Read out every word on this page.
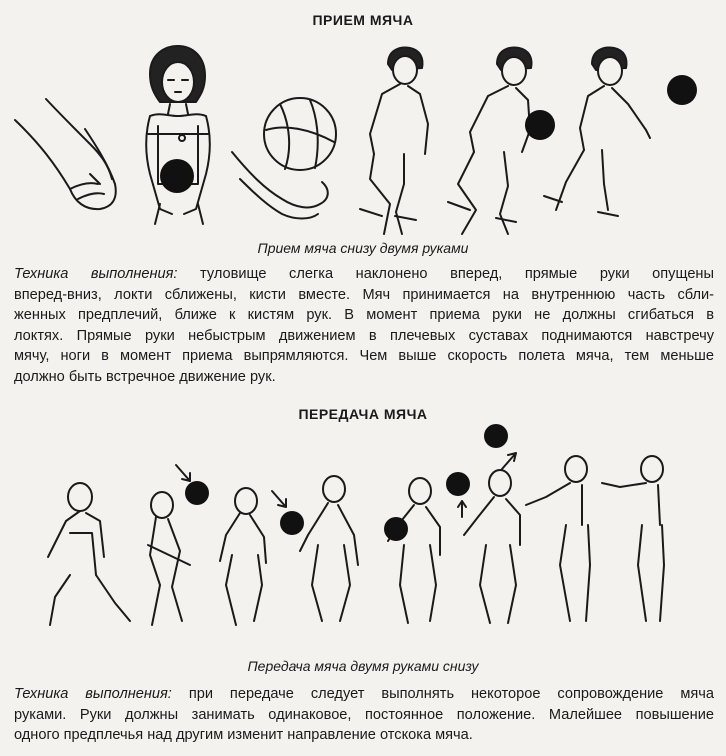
ПРИЕМ МЯЧА
Прием мяча снизу двумя руками
Техника выполнения: туловище слегка наклонено вперед, прямые руки опущены
вперед-вниз, локти сближены, кисти вместе. Мяч принимается на внутреннюю часть сбли-
женных предплечий, ближе к кистям рук. В момент приема руки не должны сгибаться в
локтях. Прямые руки небыстрым движением в плечевых суставах поднимаются навстречу
мячу, ноги в момент приема выпрямляются. Чем выше скорость полета мяча, тем меньше
должно быть встречное движение рук.
ПЕРЕДАЧА МЯЧА
Передача мяча двумя руками снизу
Техника выполнения: при передаче следует выполнять некоторое сопровождение мяча
руками. Руки должны занимать одинаковое, постоянное положение. Малейшее повышение
одного предплечья над другим изменит направление отскока мяча.
